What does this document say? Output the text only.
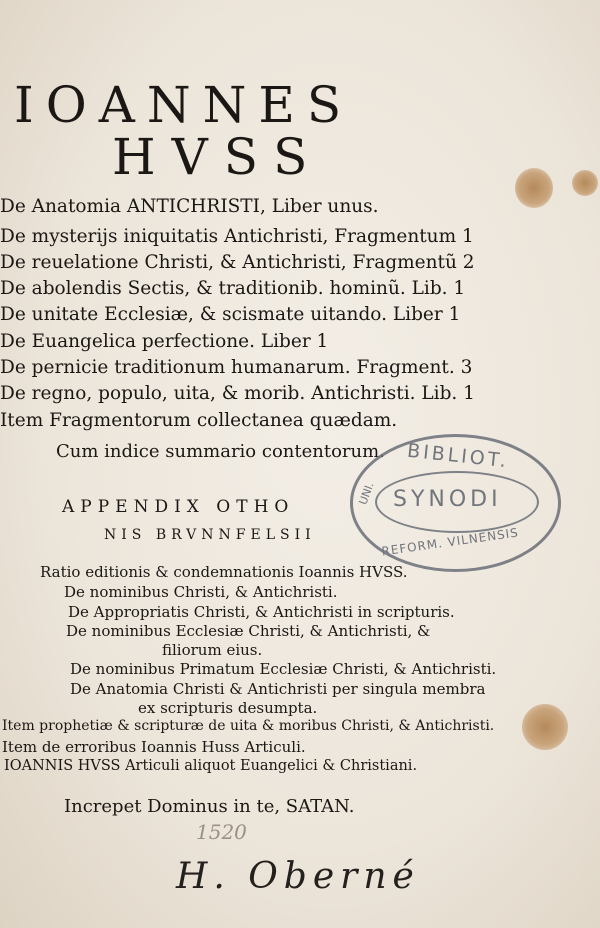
IOANNES
HVSS
De Anatomia ANTICHRISTI, Liber unus.
De mysterijs iniquitatis Antichristi, Fragmentum 1
De reuelatione Christi, & Antichristi, Fragmentũ 2
De abolendis Sectis, & traditionib. hominũ. Lib. 1
De unitate Ecclesiæ, & scismate uitando. Liber 1
De Euangelica perfectione. Liber 1
De pernicie traditionum humanarum. Fragment. 3
De regno, populo, uita, & morib. Antichristi. Lib. 1
Item Fragmentorum collectanea quædam.
Cum indice summario contentorum.
APPENDIX OTHO
NIS BRVNNFELSII
Ratio editionis & condemnationis Ioannis HVSS.
De nominibus Christi, & Antichristi.
De Appropriatis Christi, & Antichristi in scripturis.
De nominibus Ecclesiæ Christi, & Antichristi, &
filiorum eius.
De nominibus Primatum Ecclesiæ Christi, & Antichristi.
De Anatomia Christi & Antichristi per singula membra
ex scripturis desumpta.
Item prophetiæ & scripturæ de uita & moribus Christi, & Antichristi.
Item de erroribus Ioannis Huss Articuli.
IOANNIS HVSS Articuli aliquot Euangelici & Christiani.
Increpet Dominus in te, SATAN.
BIBLIOT.
SYNODI
UNI.
REFORM. VILNENSIS
1520
H. Oberné
